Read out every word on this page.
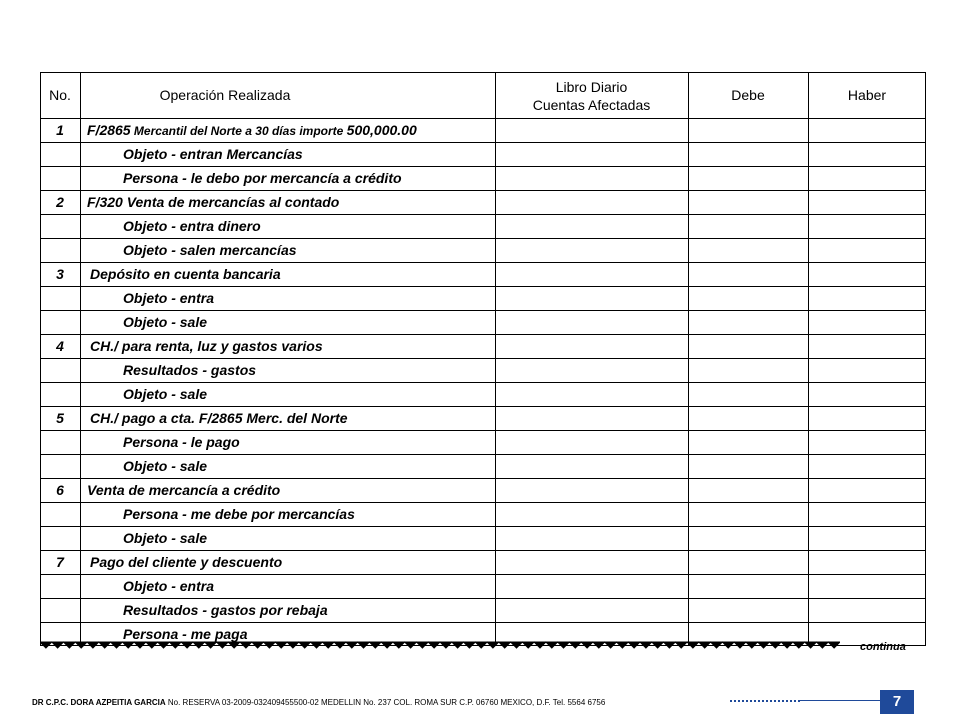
No.	Operación Realizada	Libro Diario
Cuentas Afectadas
Debe	Haber
1	F/2865 Mercantil del Norte a 30 días importe 500,000.00
Objeto - entran Mercancías
Persona - le debo por mercancía a crédito
2	F/320 Venta de mercancías al contado
Objeto - entra dinero
Objeto - salen mercancías
3	Depósito en cuenta bancaria
Objeto - entra
Objeto - sale
4	CH./ para renta, luz y gastos varios
Resultados - gastos
Objeto - sale
5	CH./ pago a cta. F/2865 Merc. del Norte
Persona - le pago
Objeto - sale
6	Venta de mercancía a crédito
Persona - me debe por mercancías
Objeto - sale
7	Pago del cliente y descuento
Objeto - entra
Resultados - gastos por rebaja
Persona - me paga
continua
DR C.P.C. DORA AZPEITIA GARCIA No. RESERVA 03-2009-032409455500-02 MEDELLIN No. 237 COL. ROMA SUR C.P. 06760 MEXICO, D.F. Tel. 5564 6756	7
